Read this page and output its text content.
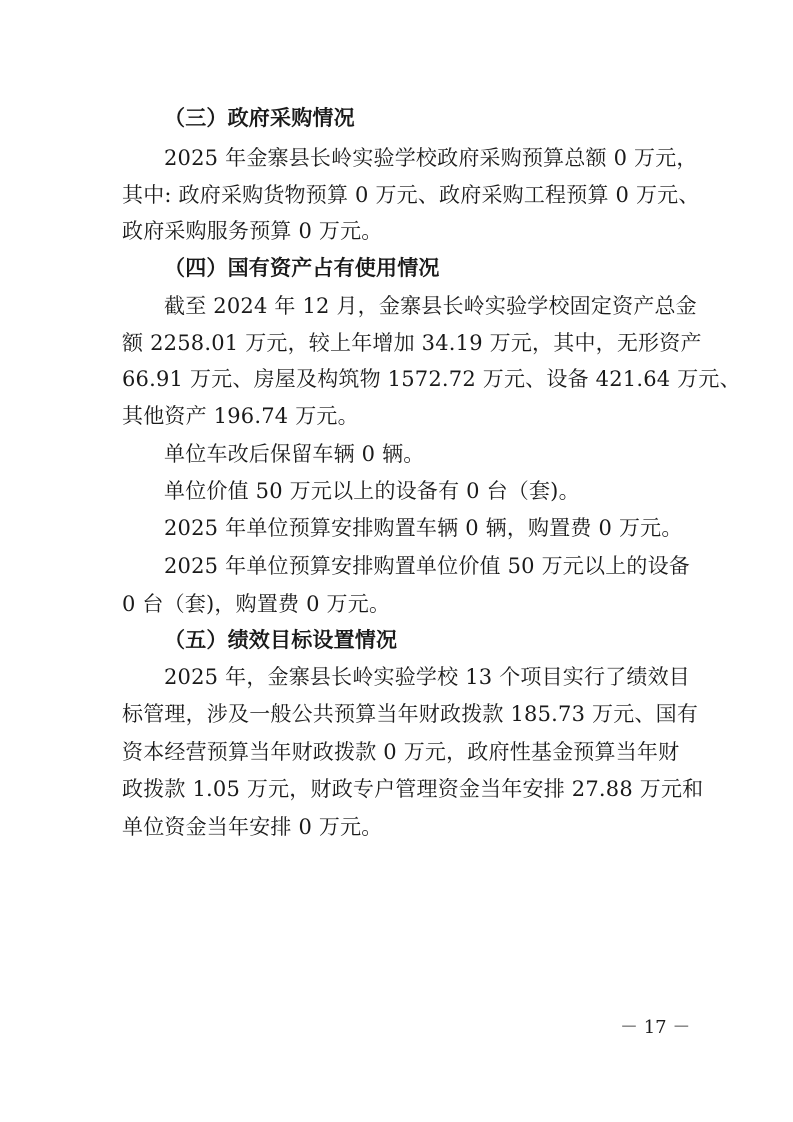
（三）政府采购情况
2025 年金寨县长岭实验学校政府采购预算总额 0 万元，
其中: 政府采购货物预算 0 万元、政府采购工程预算 0 万元、
政府采购服务预算 0 万元。
（四）国有资产占有使用情况
截至 2024 年 12 月，金寨县长岭实验学校固定资产总金
额 2258.01 万元，较上年增加 34.19 万元，其中，无形资产
66.91 万元、房屋及构筑物 1572.72 万元、设备 421.64 万元、
其他资产 196.74 万元。
单位车改后保留车辆 0 辆。
单位价值 50 万元以上的设备有 0 台（套)。
2025 年单位预算安排购置车辆 0 辆，购置费 0 万元。
2025 年单位预算安排购置单位价值 50 万元以上的设备
0 台（套)，购置费 0 万元。
（五）绩效目标设置情况
2025 年，金寨县长岭实验学校 13 个项目实行了绩效目
标管理，涉及一般公共预算当年财政拨款 185.73 万元、国有
资本经营预算当年财政拨款 0 万元，政府性基金预算当年财
政拨款 1.05 万元，财政专户管理资金当年安排 27.88 万元和
单位资金当年安排 0 万元。
－ 17 －
